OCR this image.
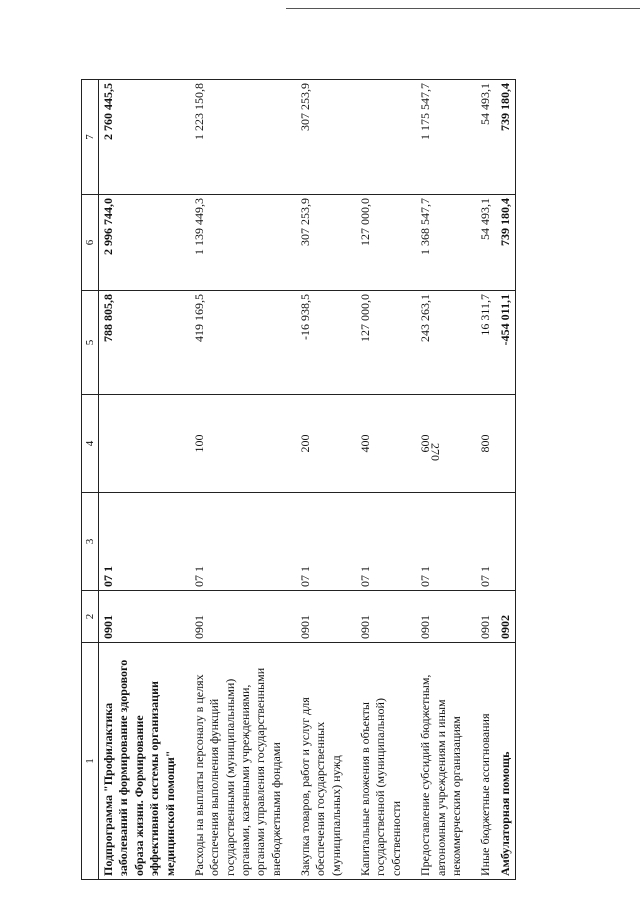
270
1	2	3	4	5	6	7
Подпрограмма "Профилактика заболеваний и формирование здорового образа жизни. Формирование эффективной системы организации медицинской помощи"	0901	07 1		788 805,8	2 996 744,0	2 760 445,5
Расходы на выплаты персоналу в целях обеспечения выполнения функций государственными (муниципальными) органами, казенными учреждениями, органами управления государственными внебюджетными фондами	0901	07 1	100	419 169,5	1 139 449,3	1 223 150,8
Закупка товаров, работ и услуг для обеспечения государственных (муниципальных) нужд	0901	07 1	200	-16 938,5	307 253,9	307 253,9
Капитальные вложения в объекты государственной (муниципальной) собственности	0901	07 1	400	127 000,0	127 000,0	
Предоставление субсидий бюджетным, автономным учреждениям и иным некоммерческим организациям	0901	07 1	600	243 263,1	1 368 547,7	1 175 547,7
Иные бюджетные ассигнования	0901	07 1	800	16 311,7	54 493,1	54 493,1
Амбулаторная помощь	0902			-454 011,1	739 180,4	739 180,4
